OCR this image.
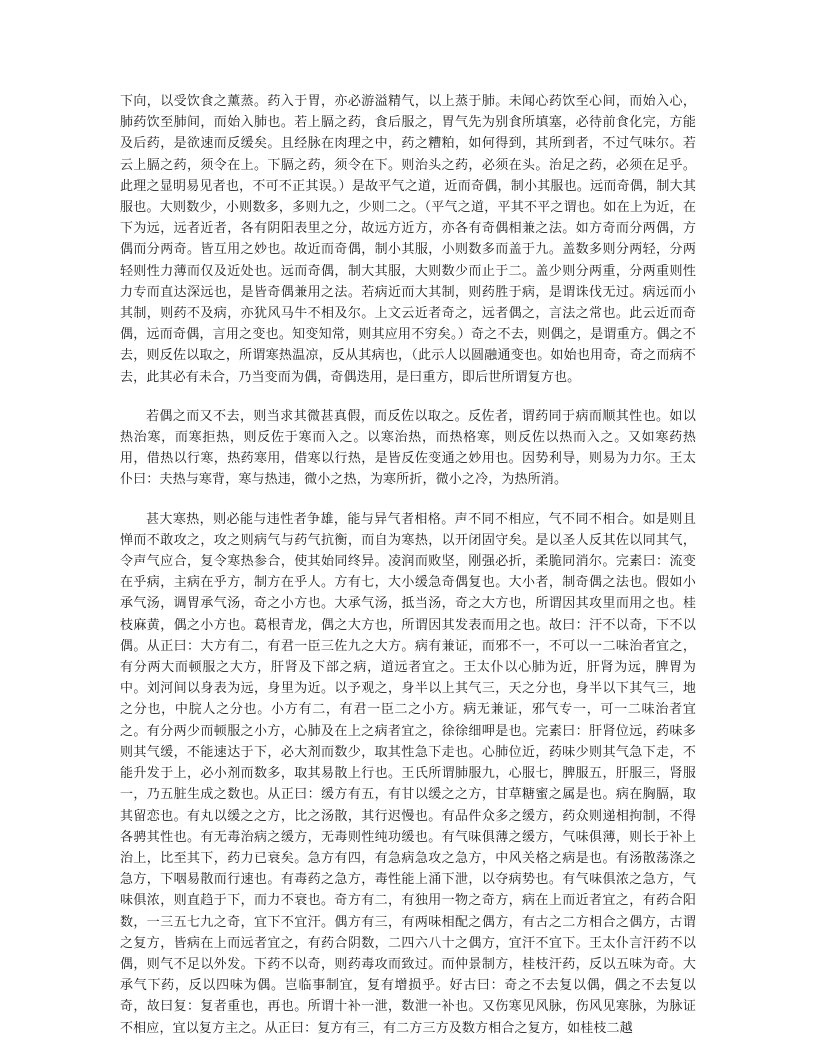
下向，以受饮食之薰蒸。药入于胃，亦必游溢精气，以上蒸于肺。未闻心药饮至心间，而始入心，肺药饮至肺间，而始入肺也。若上膈之药，食后服之，胃气先为别食所填塞，必待前食化完，方能及后药，是欲速而反缓矣。且经脉在肉理之中，药之糟粕，如何得到，其所到者，不过气味尔。若云上膈之药，须令在上。下膈之药，须令在下。则治头之药，必须在头。治足之药，必须在足乎。此理之显明易见者也，不可不正其误。）是故平气之道，近而奇偶，制小其服也。远而奇偶，制大其服也。大则数少，小则数多，多则九之，少则二之。（平气之道，平其不平之谓也。如在上为近，在下为远，远者近者，各有阴阳表里之分，故远方近方，亦各有奇偶相兼之法。如方奇而分两偶，方偶而分两奇。皆互用之妙也。故近而奇偶，制小其服，小则数多而盖于九。盖数多则分两轻，分两轻则性力薄而仅及近处也。远而奇偶，制大其服，大则数少而止于二。盖少则分两重，分两重则性力专而直达深远也，是皆奇偶兼用之法。若病近而大其制，则药胜于病，是谓诛伐无过。病远而小其制，则药不及病，亦犹风马牛不相及尔。上文云近者奇之，远者偶之，言法之常也。此云近而奇偶，远而奇偶，言用之变也。知变知常，则其应用不穷矣。）奇之不去，则偶之，是谓重方。偶之不去，则反佐以取之，所谓寒热温凉，反从其病也，（此示人以圆融通变也。如始也用奇，奇之而病不去，此其必有未合，乃当变而为偶，奇偶迭用，是曰重方，即后世所谓复方也。

若偶之而又不去，则当求其微甚真假，而反佐以取之。反佐者，谓药同于病而顺其性也。如以热治寒，而寒拒热，则反佐于寒而入之。以寒治热，而热格寒，则反佐以热而入之。又如寒药热用，借热以行寒，热药寒用，借寒以行热，是皆反佐变通之妙用也。因势利导，则易为力尔。王太仆曰：夫热与寒背，寒与热违，微小之热，为寒所折，微小之冷，为热所消。

甚大寒热，则必能与违性者争雄，能与异气者相格。声不同不相应，气不同不相合。如是则且惮而不敢攻之，攻之则病气与药气抗衡，而自为寒热，以开闭固守矣。是以圣人反其佐以同其气，令声气应合，复令寒热参合，使其始同终异。凌润而败坚，刚强必折，柔脆同消尔。完素曰：流变在乎病，主病在乎方，制方在乎人。方有七，大小缓急奇偶复也。大小者，制奇偶之法也。假如小承气汤，调胃承气汤，奇之小方也。大承气汤，抵当汤，奇之大方也，所谓因其攻里而用之也。桂枝麻黄，偶之小方也。葛根青龙，偶之大方也，所谓因其发表而用之也。故曰：汗不以奇，下不以偶。从正曰：大方有二，有君一臣三佐九之大方。病有兼证，而邪不一，不可以一二味治者宜之，有分两大而顿服之大方，肝肾及下部之病，道远者宜之。王太仆以心肺为近，肝肾为远，脾胃为中。刘河间以身表为远，身里为近。以予观之，身半以上其气三，天之分也，身半以下其气三，地之分也，中脘人之分也。小方有二，有君一臣二之小方。病无兼证，邪气专一，可一二味治者宜之。有分两少而顿服之小方，心肺及在上之病者宜之，徐徐细呷是也。完素曰：肝肾位远，药味多则其气缓，不能速达于下，必大剂而数少，取其性急下走也。心肺位近，药味少则其气急下走，不能升发于上，必小剂而数多，取其易散上行也。王氏所谓肺服九，心服七，脾服五，肝服三，肾服一，乃五脏生成之数也。从正曰：缓方有五，有甘以缓之之方，甘草糖蜜之属是也。病在胸膈，取其留恋也。有丸以缓之之方，比之汤散，其行迟慢也。有品件众多之缓方，药众则递相拘制，不得各骋其性也。有无毒治病之缓方，无毒则性纯功缓也。有气味俱薄之缓方，气味俱薄，则长于补上治上，比至其下，药力已衰矣。急方有四，有急病急攻之急方，中风关格之病是也。有汤散荡涤之急方，下咽易散而行速也。有毒药之急方，毒性能上涌下泄，以夺病势也。有气味俱浓之急方，气味俱浓，则直趋于下，而力不衰也。奇方有二，有独用一物之奇方，病在上而近者宜之，有药合阳数，一三五七九之奇，宜下不宜汗。偶方有三，有两味相配之偶方，有古之二方相合之偶方，古谓之复方，皆病在上而远者宜之，有药合阴数，二四六八十之偶方，宜汗不宜下。王太仆言汗药不以偶，则气不足以外发。下药不以奇，则药毒攻而致过。而仲景制方，桂枝汗药，反以五味为奇。大承气下药，反以四味为偶。岂临事制宜，复有增损乎。好古曰：奇之不去复以偶，偶之不去复以奇，故曰复：复者重也，再也。所谓十补一泄，数泄一补也。又伤寒见风脉，伤风见寒脉，为脉证不相应，宜以复方主之。从正曰：复方有三，有二方三方及数方相合之复方，如桂枝二越
